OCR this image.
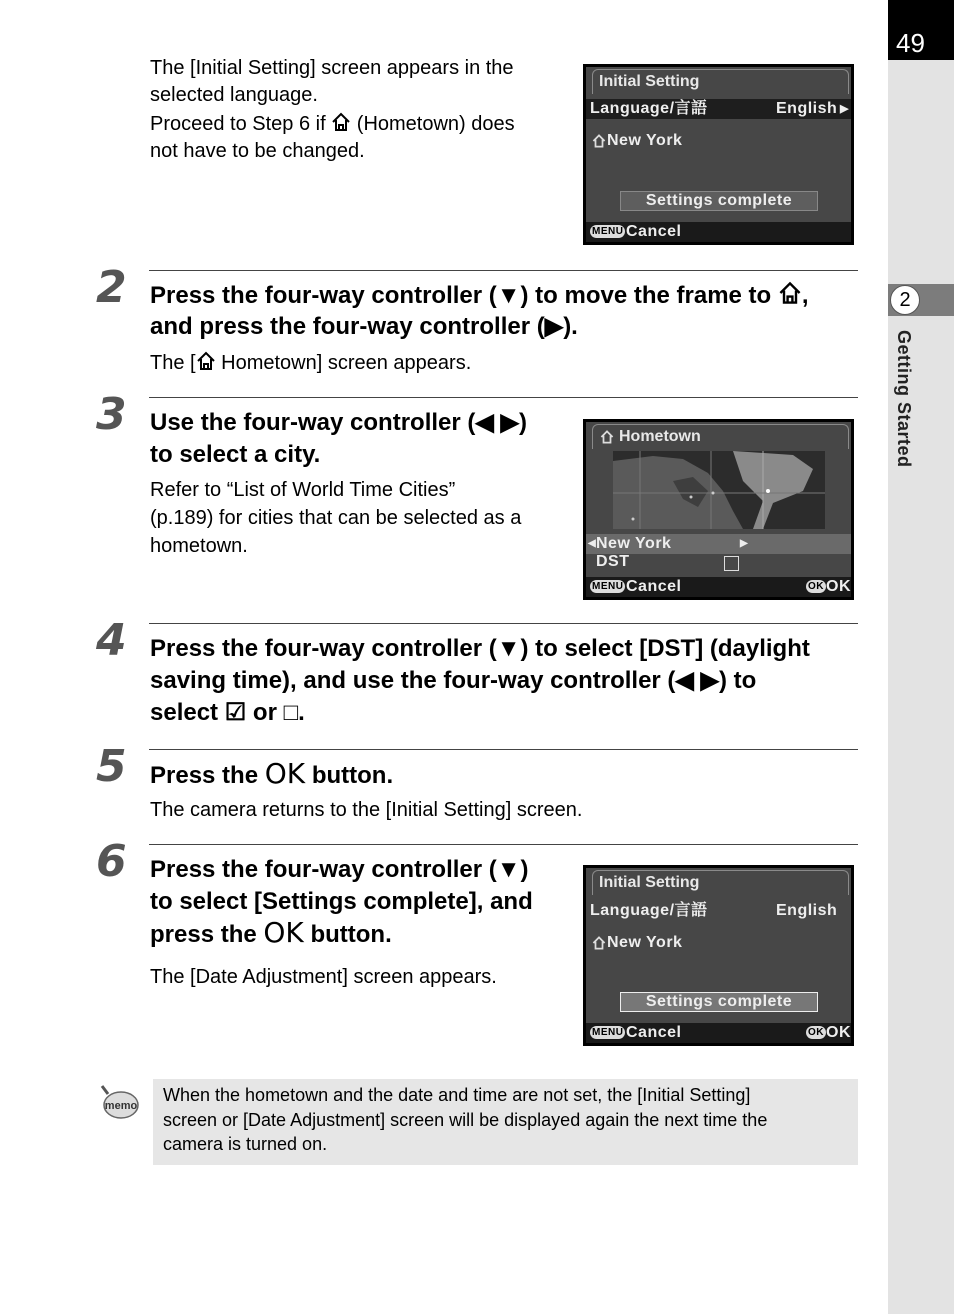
49
2
Getting Started
The [Initial Setting] screen appears in the
selected language.
Proceed to Step 6 if (Hometown) does
not have to be changed.
Initial Setting
Language/言語	English ▶
New York
Settings complete
MENU Cancel
2 Press the four-way controller (▼) to move the frame to ,
and press the four-way controller (▶).
The [ Hometown] screen appears.
3 Use the four-way controller (◀ ▶)
to select a city.
Refer to “List of World Time Cities”
(p.189) for cities that can be selected as a
hometown.
Hometown
◀ New York	▶
DST
MENU Cancel	OK OK
4 Press the four-way controller (▼) to select [DST] (daylight
saving time), and use the four-way controller (◀ ▶) to
select ☑ or □.
5 Press the OK button.
The camera returns to the [Initial Setting] screen.
6 Press the four-way controller (▼)
to select [Settings complete], and
press the OK button.
The [Date Adjustment] screen appears.
Initial Setting
Language/言語	English
New York
Settings complete
MENU Cancel	OK OK
memo
When the hometown and the date and time are not set, the [Initial Setting]
screen or [Date Adjustment] screen will be displayed again the next time the
camera is turned on.
